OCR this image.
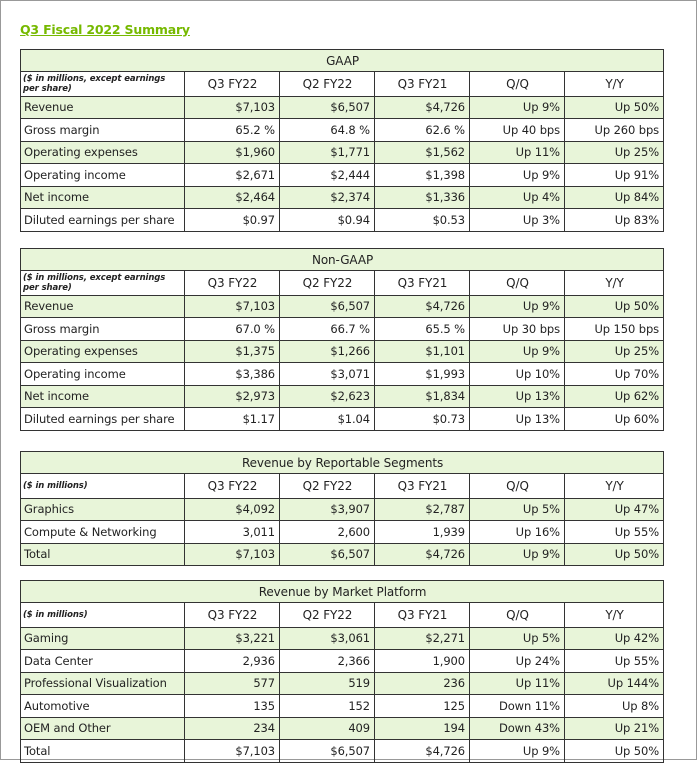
Q3 Fiscal 2022 Summary
GAAP					
($ in millions, except earnings per share)	Q3 FY22	Q2 FY22	Q3 FY21	Q/Q	Y/Y
Revenue	$7,103	$6,507	$4,726	Up 9%	Up 50%
Gross margin	65.2 %	64.8 %	62.6 %	Up 40 bps	Up 260 bps
Operating expenses	$1,960	$1,771	$1,562	Up 11%	Up 25%
Operating income	$2,671	$2,444	$1,398	Up 9%	Up 91%
Net income	$2,464	$2,374	$1,336	Up 4%	Up 84%
Diluted earnings per share	$0.97	$0.94	$0.53	Up 3%	Up 83%
Non-GAAP					
($ in millions, except earnings per share)	Q3 FY22	Q2 FY22	Q3 FY21	Q/Q	Y/Y
Revenue	$7,103	$6,507	$4,726	Up 9%	Up 50%
Gross margin	67.0 %	66.7 %	65.5 %	Up 30 bps	Up 150 bps
Operating expenses	$1,375	$1,266	$1,101	Up 9%	Up 25%
Operating income	$3,386	$3,071	$1,993	Up 10%	Up 70%
Net income	$2,973	$2,623	$1,834	Up 13%	Up 62%
Diluted earnings per share	$1.17	$1.04	$0.73	Up 13%	Up 60%
Revenue by Reportable Segments					
($ in millions)	Q3 FY22	Q2 FY22	Q3 FY21	Q/Q	Y/Y
Graphics	$4,092	$3,907	$2,787	Up 5%	Up 47%
Compute & Networking	3,011	2,600	1,939	Up 16%	Up 55%
Total	$7,103	$6,507	$4,726	Up 9%	Up 50%
Revenue by Market Platform					
($ in millions)	Q3 FY22	Q2 FY22	Q3 FY21	Q/Q	Y/Y
Gaming	$3,221	$3,061	$2,271	Up 5%	Up 42%
Data Center	2,936	2,366	1,900	Up 24%	Up 55%
Professional Visualization	577	519	236	Up 11%	Up 144%
Automotive	135	152	125	Down 11%	Up 8%
OEM and Other	234	409	194	Down 43%	Up 21%
Total	$7,103	$6,507	$4,726	Up 9%	Up 50%
